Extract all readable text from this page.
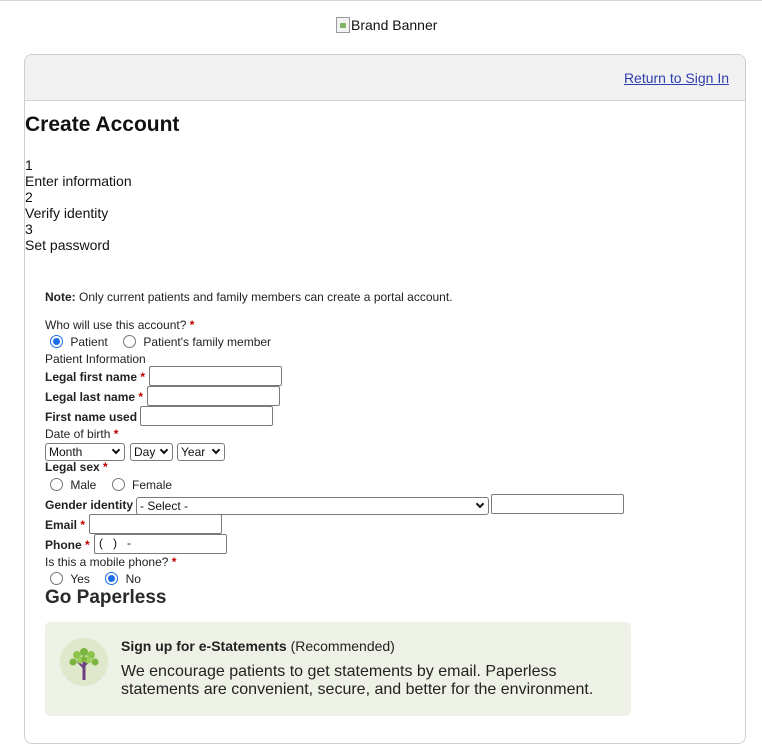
Brand Banner
Return to Sign In
Create Account
1
Enter information
2
Verify identity
3
Set password
Note: Only current patients and family members can create a portal account.
Who will use this account? *
Patient	Patient's family member
Patient Information
Legal first name *
Legal last name *
First name used
Date of birth *
Month	Day Year
Legal sex *
Male	Female
Gender identity - Select -
Email *
Phone * (   )   -
Is this a mobile phone? *
Yes	No
Go Paperless
Sign up for e-Statements (Recommended)
We encourage patients to get statements by email. Paperless statements are convenient, secure, and better for the environment.
